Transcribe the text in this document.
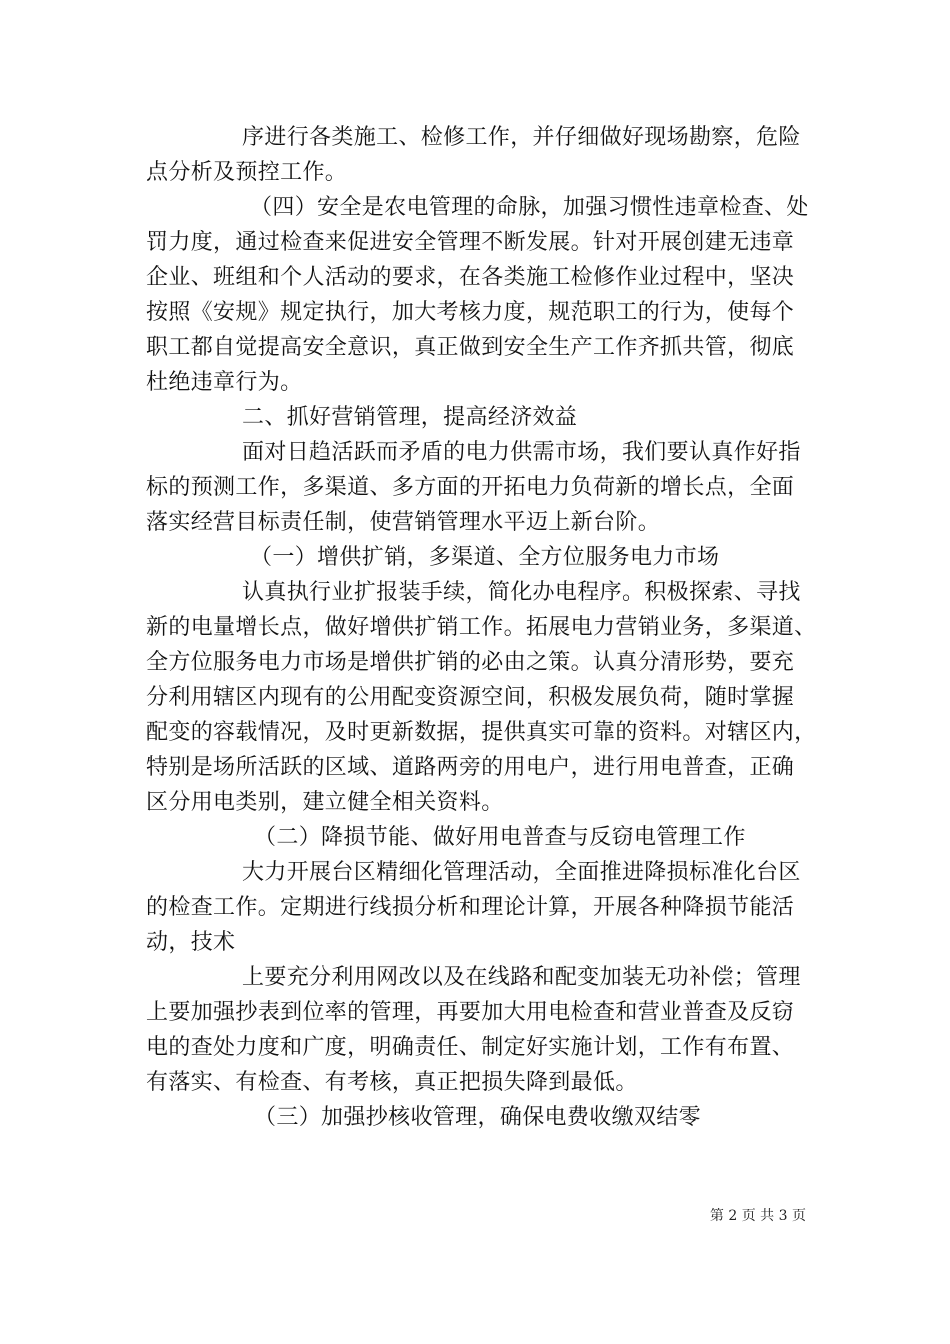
序进行各类施工、检修工作，并仔细做好现场勘察，危险
点分析及预控工作。
（四）安全是农电管理的命脉，加强习惯性违章检查、处
罚力度，通过检查来促进安全管理不断发展。针对开展创建无违章
企业、班组和个人活动的要求，在各类施工检修作业过程中，坚决
按照《安规》规定执行，加大考核力度，规范职工的行为，使每个
职工都自觉提高安全意识，真正做到安全生产工作齐抓共管，彻底
杜绝违章行为。
二、抓好营销管理，提高经济效益
面对日趋活跃而矛盾的电力供需市场，我们要认真作好指
标的预测工作，多渠道、多方面的开拓电力负荷新的增长点，全面
落实经营目标责任制，使营销管理水平迈上新台阶。
（一）增供扩销，多渠道、全方位服务电力市场
认真执行业扩报装手续，简化办电程序。积极探索、寻找
新的电量增长点，做好增供扩销工作。拓展电力营销业务，多渠道、
全方位服务电力市场是增供扩销的必由之策。认真分清形势，要充
分利用辖区内现有的公用配变资源空间，积极发展负荷，随时掌握
配变的容载情况，及时更新数据，提供真实可靠的资料。对辖区内，
特别是场所活跃的区域、道路两旁的用电户，进行用电普查，正确
区分用电类别，建立健全相关资料。
（二）降损节能、做好用电普查与反窃电管理工作
大力开展台区精细化管理活动，全面推进降损标准化台区
的检查工作。定期进行线损分析和理论计算，开展各种降损节能活
动，技术
上要充分利用网改以及在线路和配变加装无功补偿；管理
上要加强抄表到位率的管理，再要加大用电检查和营业普查及反窃
电的查处力度和广度，明确责任、制定好实施计划，工作有布置、
有落实、有检查、有考核，真正把损失降到最低。
（三）加强抄核收管理，确保电费收缴双结零
第 2 页 共 3 页
